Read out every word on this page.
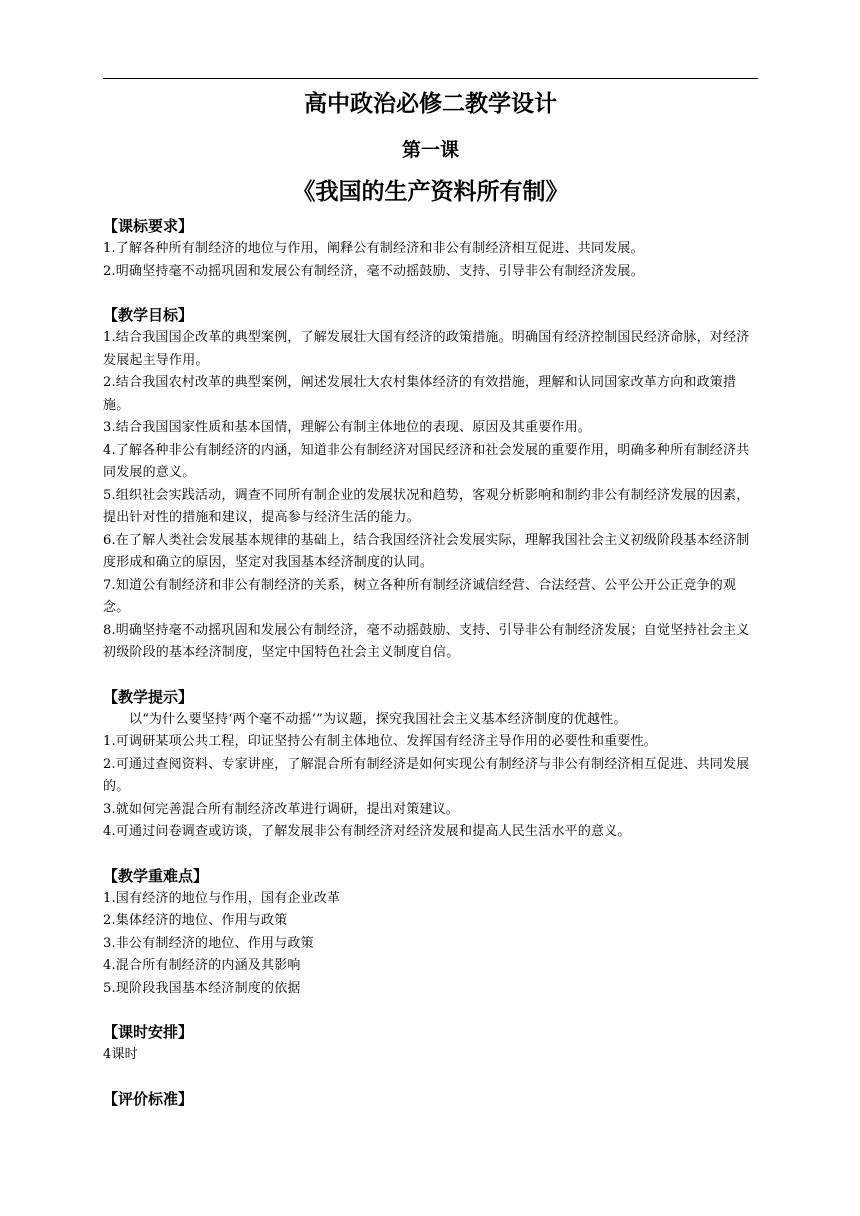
高中政治必修二教学设计
第一课
《我国的生产资料所有制》
【课标要求】
1.了解各种所有制经济的地位与作用，阐释公有制经济和非公有制经济相互促进、共同发展。
2.明确坚持毫不动摇巩固和发展公有制经济，毫不动摇鼓励、支持、引导非公有制经济发展。
【教学目标】
1.结合我国国企改革的典型案例，了解发展壮大国有经济的政策措施。明确国有经济控制国民经济命脉，对经济发展起主导作用。
2.结合我国农村改革的典型案例，阐述发展壮大农村集体经济的有效措施，理解和认同国家改革方向和政策措施。
3.结合我国国家性质和基本国情，理解公有制主体地位的表现、原因及其重要作用。
4.了解各种非公有制经济的内涵，知道非公有制经济对国民经济和社会发展的重要作用，明确多种所有制经济共同发展的意义。
5.组织社会实践活动，调查不同所有制企业的发展状况和趋势，客观分析影响和制约非公有制经济发展的因素，提出针对性的措施和建议，提高参与经济生活的能力。
6.在了解人类社会发展基本规律的基础上，结合我国经济社会发展实际，理解我国社会主义初级阶段基本经济制度形成和确立的原因，坚定对我国基本经济制度的认同。
7.知道公有制经济和非公有制经济的关系，树立各种所有制经济诚信经营、合法经营、公平公开公正竞争的观念。
8.明确坚持毫不动摇巩固和发展公有制经济，毫不动摇鼓励、支持、引导非公有制经济发展；自觉坚持社会主义初级阶段的基本经济制度，坚定中国特色社会主义制度自信。
【教学提示】

以“为什么要坚持‘两个毫不动摇’”为议题，探究我国社会主义基本经济制度的优越性。

1.可调研某项公共工程，印证坚持公有制主体地位、发挥国有经济主导作用的必要性和重要性。
2.可通过查阅资料、专家讲座，了解混合所有制经济是如何实现公有制经济与非公有制经济相互促进、共同发展的。
3.就如何完善混合所有制经济改革进行调研，提出对策建议。
4.可通过问卷调查或访谈，了解发展非公有制经济对经济发展和提高人民生活水平的意义。
【教学重难点】
1.国有经济的地位与作用，国有企业改革
2.集体经济的地位、作用与政策
3.非公有制经济的地位、作用与政策
4.混合所有制经济的内涵及其影响
5.现阶段我国基本经济制度的依据
【课时安排】

4课时

【评价标准】
